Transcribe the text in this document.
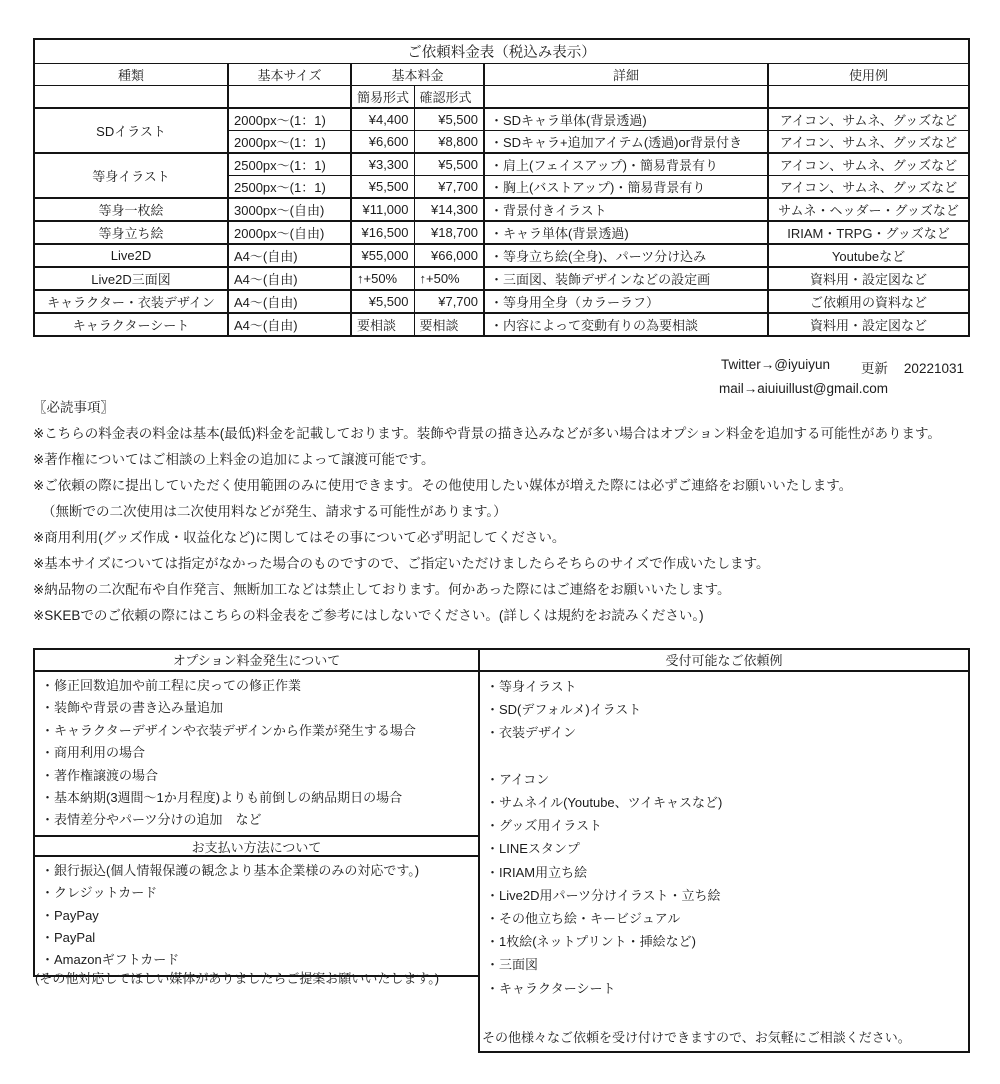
ご依頼料金表（税込み表示）					
種類	基本サイズ	基本料金		詳細	使用例
		簡易形式	確認形式		
SDイラスト	2000px～(1：1)	¥4,400	¥5,500	・SDキャラ単体(背景透過)	アイコン、サムネ、グッズなど
	2000px～(1：1)	¥6,600	¥8,800	・SDキャラ+追加アイテム(透過)or背景付き	アイコン、サムネ、グッズなど
等身イラスト	2500px～(1：1)	¥3,300	¥5,500	・肩上(フェイスアップ)・簡易背景有り	アイコン、サムネ、グッズなど
	2500px～(1：1)	¥5,500	¥7,700	・胸上(バストアップ)・簡易背景有り	アイコン、サムネ、グッズなど
等身一枚絵	3000px～(自由)	¥11,000	¥14,300	・背景付きイラスト	サムネ・ヘッダー・グッズなど
等身立ち絵	2000px～(自由)	¥16,500	¥18,700	・キャラ単体(背景透過)	IRIAM・TRPG・グッズなど
Live2D	A4～(自由)	¥55,000	¥66,000	・等身立ち絵(全身)、パーツ分け込み	Youtubeなど
Live2D三面図	A4～(自由)	↑+50%	↑+50%	・三面図、装飾デザインなどの設定画	資料用・設定図など
キャラクター・衣装デザイン	A4～(自由)	¥5,500	¥7,700	・等身用全身（カラーラフ）	ご依頼用の資料など
キャラクターシート	A4～(自由)	要相談	要相談	・内容によって変動有りの為要相談	資料用・設定図など
Twitter→@iyuiyun 更新 20221031
mail→aiuiuillust@gmail.com
〖必読事項〗
※こちらの料金表の料金は基本(最低)料金を記載しております。装飾や背景の描き込みなどが多い場合はオプション料金を追加する可能性があります。
※著作権についてはご相談の上料金の追加によって譲渡可能です。
※ご依頼の際に提出していただく使用範囲のみに使用できます。その他使用したい媒体が増えた際には必ずご連絡をお願いいたします。
（無断での二次使用は二次使用料などが発生、請求する可能性があります。）
※商用利用(グッズ作成・収益化など)に関してはその事について必ず明記してください。
※基本サイズについては指定がなかった場合のものですので、ご指定いただけましたらそちらのサイズで作成いたします。
※納品物の二次配布や自作発言、無断加工などは禁止しております。何かあった際にはご連絡をお願いいたします。
※SKEBでのご依頼の際にはこちらの料金表をご参考にはしないでください。(詳しくは規約をお読みください。)
オプション料金発生について
・修正回数追加や前工程に戻っての修正作業
・装飾や背景の書き込み量追加
・キャラクターデザインや衣装デザインから作業が発生する場合
・商用利用の場合
・著作権譲渡の場合
・基本納期(3週間～1か月程度)よりも前倒しの納品期日の場合
・表情差分やパーツ分けの追加　など
お支払い方法について
・銀行振込(個人情報保護の観念より基本企業様のみの対応です。)
・クレジットカード
・PayPay
・PayPal
・Amazonギフトカード
(その他対応してほしい媒体がありましたらご提案お願いいたします。)
受付可能なご依頼例
・等身イラスト
・SD(デフォルメ)イラスト
・衣装デザイン

・アイコン
・サムネイル(Youtube、ツイキャスなど)
・グッズ用イラスト
・LINEスタンプ
・IRIAM用立ち絵
・Live2D用パーツ分けイラスト・立ち絵
・その他立ち絵・キービジュアル
・1枚絵(ネットプリント・挿絵など)
・三面図
・キャラクターシート

その他様々なご依頼を受け付けできますので、お気軽にご相談ください。
